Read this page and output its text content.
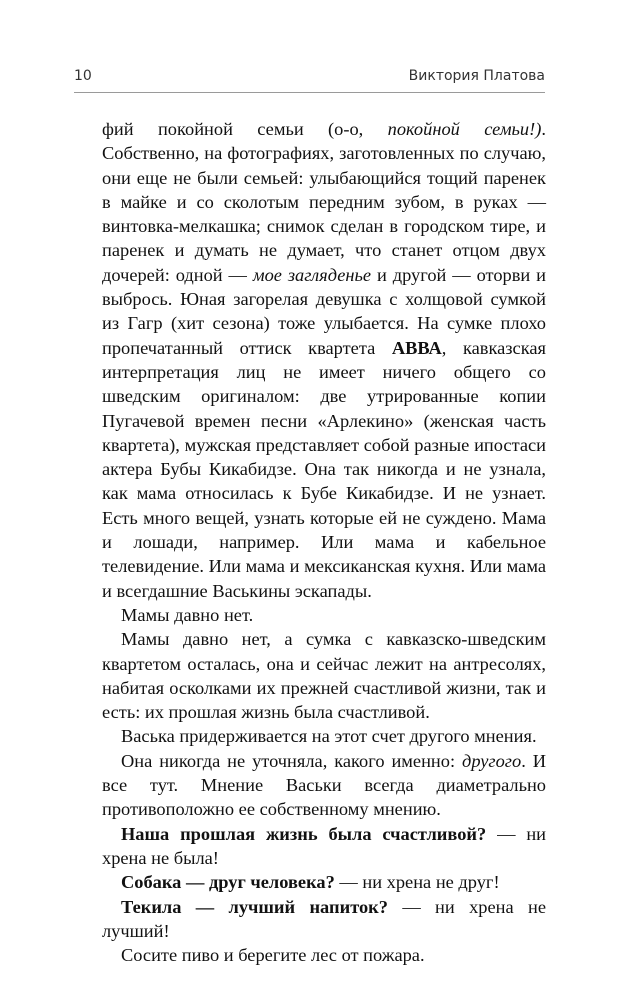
10	Виктория Платова

фий покойной семьи (о-о, покойной семьи!). Собственно, на фотографиях, заготовленных по случаю, они еще не были семьей: улыбающийся тощий паренек в майке и со сколотым передним зубом, в руках — винтовка-мелкашка; снимок сделан в городском тире, и паренек и думать не думает, что станет отцом двух дочерей: одной — мое загляденье и другой — оторви и выбрось. Юная загорелая девушка с холщовой сумкой из Гагр (хит сезона) тоже улыбается. На сумке плохо пропечатанный оттиск квартета АВВА, кавказская интерпретация лиц не имеет ничего общего со шведским оригиналом: две утрированные копии Пугачевой времен песни «Арлекино» (женская часть квартета), мужская представляет собой разные ипостаси актера Бубы Кикабидзе. Она так никогда и не узнала, как мама относилась к Бубе Кикабидзе. И не узнает. Есть много вещей, узнать которые ей не суждено. Мама и лошади, например. Или мама и кабельное телевидение. Или мама и мексиканская кухня. Или мама и всегдашние Васькины эскапады.

Мамы давно нет.

Мамы давно нет, а сумка с кавказско-шведским квартетом осталась, она и сейчас лежит на антресолях, набитая осколками их прежней счастливой жизни, так и есть: их прошлая жизнь была счастливой.

Васька придерживается на этот счет другого мнения.

Она никогда не уточняла, какого именно: другого. И все тут. Мнение Васьки всегда диаметрально противоположно ее собственному мнению.

Наша прошлая жизнь была счастливой? — ни хрена не была!

Собака — друг человека? — ни хрена не друг!

Текила — лучший напиток? — ни хрена не лучший!

Сосите пиво и берегите лес от пожара.
